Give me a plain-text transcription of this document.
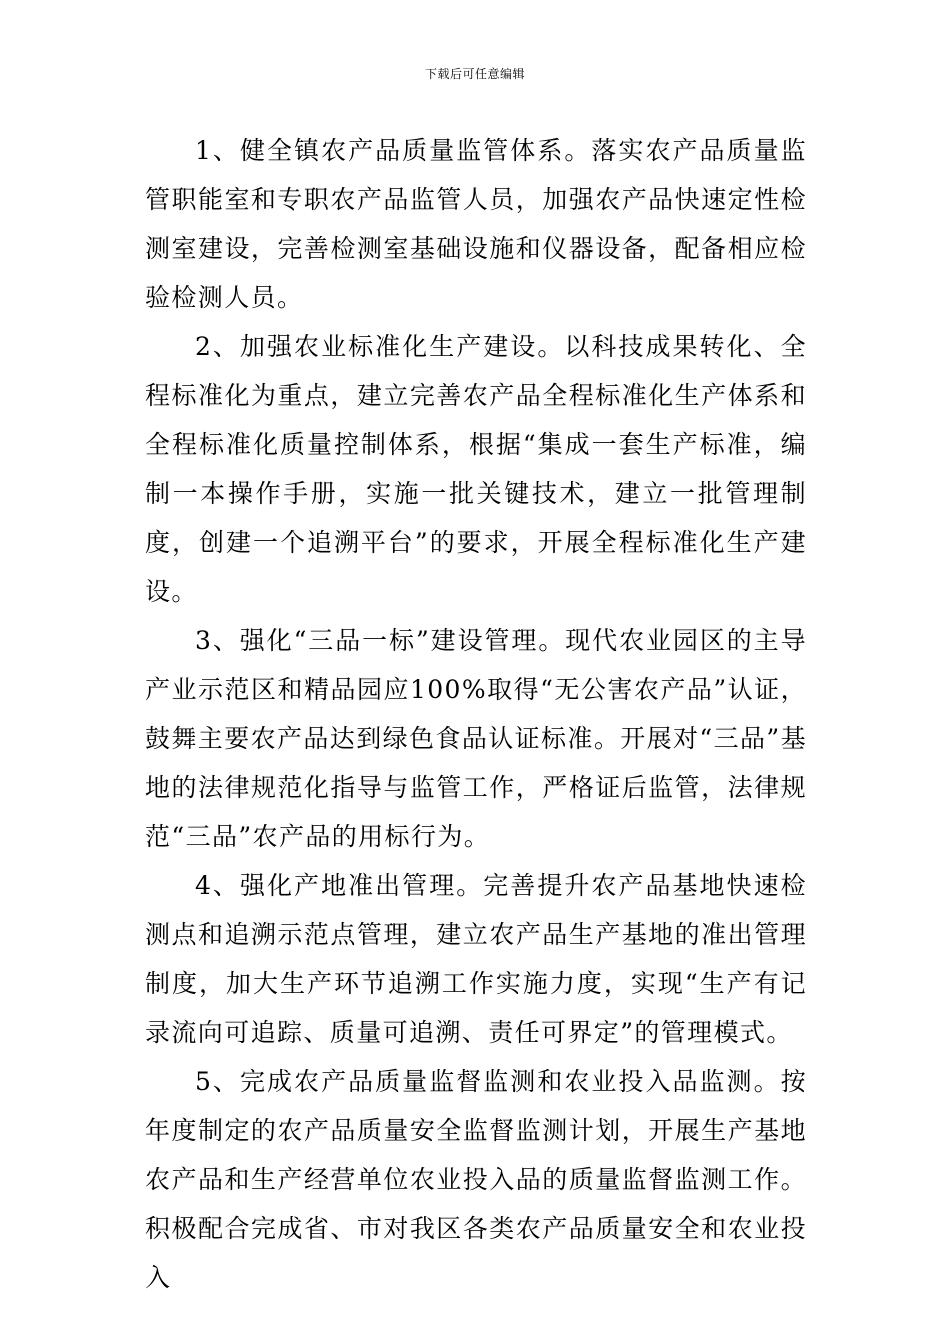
下载后可任意编辑

1、健全镇农产品质量监管体系。落实农产品质量监管职能室和专职农产品监管人员，加强农产品快速定性检测室建设，完善检测室基础设施和仪器设备，配备相应检验检测人员。

2、加强农业标准化生产建设。以科技成果转化、全程标准化为重点，建立完善农产品全程标准化生产体系和全程标准化质量控制体系，根据“集成一套生产标准，编制一本操作手册，实施一批关键技术，建立一批管理制度，创建一个追溯平台”的要求，开展全程标准化生产建设。

3、强化“三品一标”建设管理。现代农业园区的主导产业示范区和精品园应100%取得“无公害农产品”认证，鼓舞主要农产品达到绿色食品认证标准。开展对“三品”基地的法律规范化指导与监管工作，严格证后监管，法律规范“三品”农产品的用标行为。

4、强化产地准出管理。完善提升农产品基地快速检测点和追溯示范点管理，建立农产品生产基地的准出管理制度，加大生产环节追溯工作实施力度，实现“生产有记录流向可追踪、质量可追溯、责任可界定”的管理模式。

5、完成农产品质量监督监测和农业投入品监测。按年度制定的农产品质量安全监督监测计划，开展生产基地农产品和生产经营单位农业投入品的质量监督监测工作。积极配合完成省、市对我区各类农产品质量安全和农业投入
